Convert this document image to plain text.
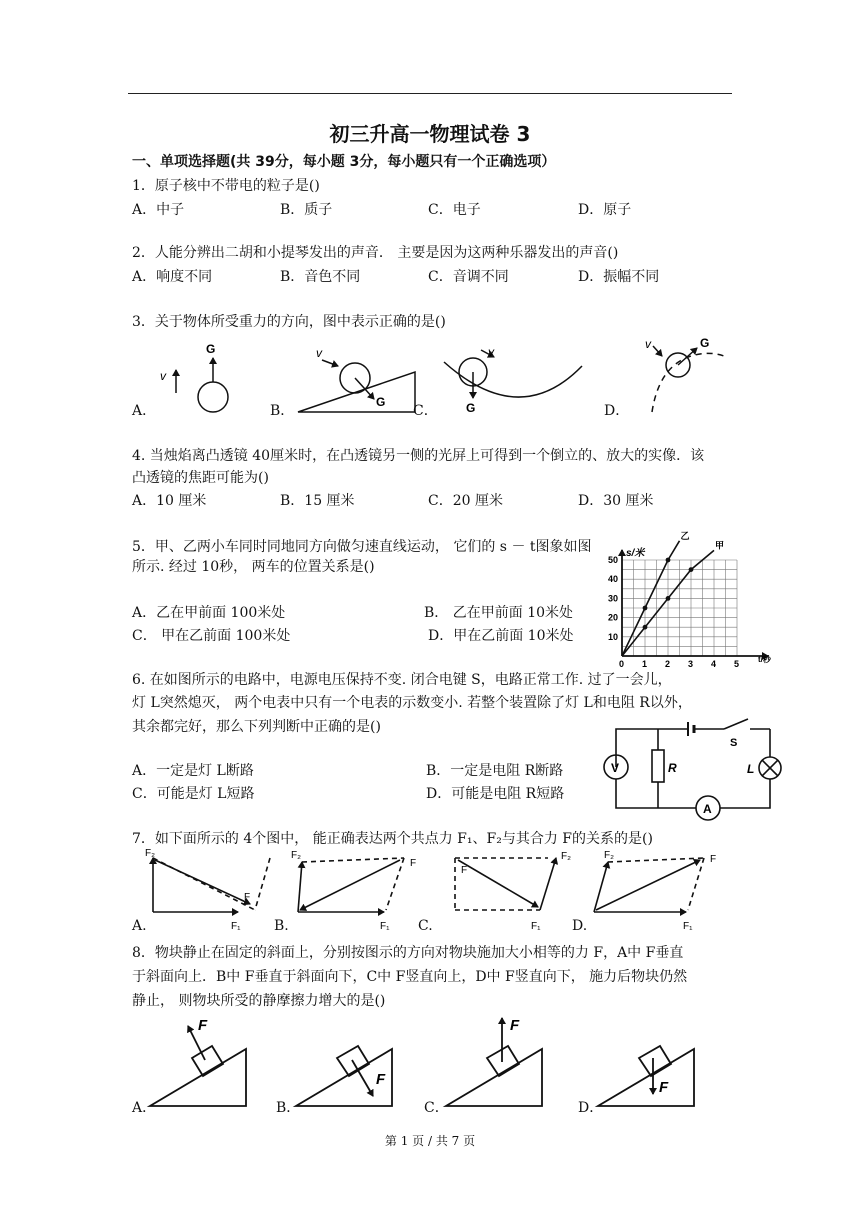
初三升高一物理试卷 3
一、单项选择题(共 39分，每小题 3分，每小题只有一个正确选项）
1．原子核中不带电的粒子是()
A．中子	B．质子	C．电子	D．原子
2．人能分辨出二胡和小提琴发出的声音． 主要是因为这两种乐器发出的声音()
A．响度不同	B．音色不同	C．音调不同	D．振幅不同
3．关于物体所受重力的方向，图中表示正确的是()
A．	B．	C．	D．
v
G
G
v
G
v
G
v
4. 当烛焰离凸透镜 40厘米时，在凸透镜另一侧的光屏上可得到一个倒立的、放大的实像．该
凸透镜的焦距可能为()
A．10 厘米	B．15 厘米	C．20 厘米	D．30 厘米
5．甲、乙两小车同时同地同方向做匀速直线运动， 它们的 s － t图象如图
所示. 经过 10秒， 两车的位置关系是()
A．乙在甲前面 100米处	B． 乙在甲前面 10米处
C． 甲在乙前面 100米处	D．甲在乙前面 10米处
s/米
t/秒
0 1 2 3 4 5
10
20
30
40
50
乙
甲
6. 在如图所示的电路中，电源电压保持不变. 闭合电键 S，电路正常工作. 过了一会儿，
灯 L突然熄灭， 两个电表中只有一个电表的示数变小. 若整个装置除了灯 L和电阻 R以外，
其余都完好，那么下列判断中正确的是()
A．一定是灯 L断路	B．一定是电阻 R断路
C．可能是灯 L短路	D．可能是电阻 R短路
R
V
S
L
A
7．如下面所示的 4个图中， 能正确表达两个共点力 F₁、F₂与其合力 F的关系的是()
A.	B.	C.	D.
F₂
F₁
F
F₂
F₁
F
F₂
F₁
F
F₂
F₁
F
8．物块静止在固定的斜面上，分别按图示的方向对物块施加大小相等的力 F，A中 F垂直
于斜面向上．B中 F垂直于斜面向下，C中 F竖直向上，D中 F竖直向下， 施力后物块仍然
静止， 则物块所受的静摩擦力增大的是()
A．	B．	C．	D．
F
F
F
F
第 1 页 / 共 7 页
